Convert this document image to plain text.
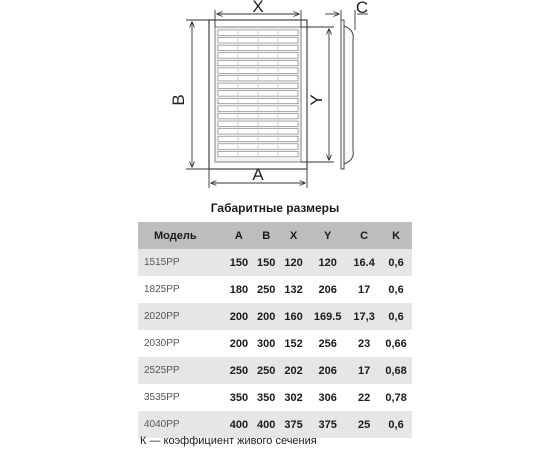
X	C
B	Y
A
Габаритные размеры
Модель	A	B	X	Y	C	K
1515PP	150	150	120	120	16.4	0,6
1825PP	180	250	132	206	17	0,6
2020PP	200	200	160	169.5	17,3	0,6
2030PP	200	300	152	256	23	0,66
2525PP	250	250	202	206	17	0,68
3535PP	350	350	302	306	22	0,78
4040PP	400	400	375	375	25	0,6
К — коэффициент живого сечения
